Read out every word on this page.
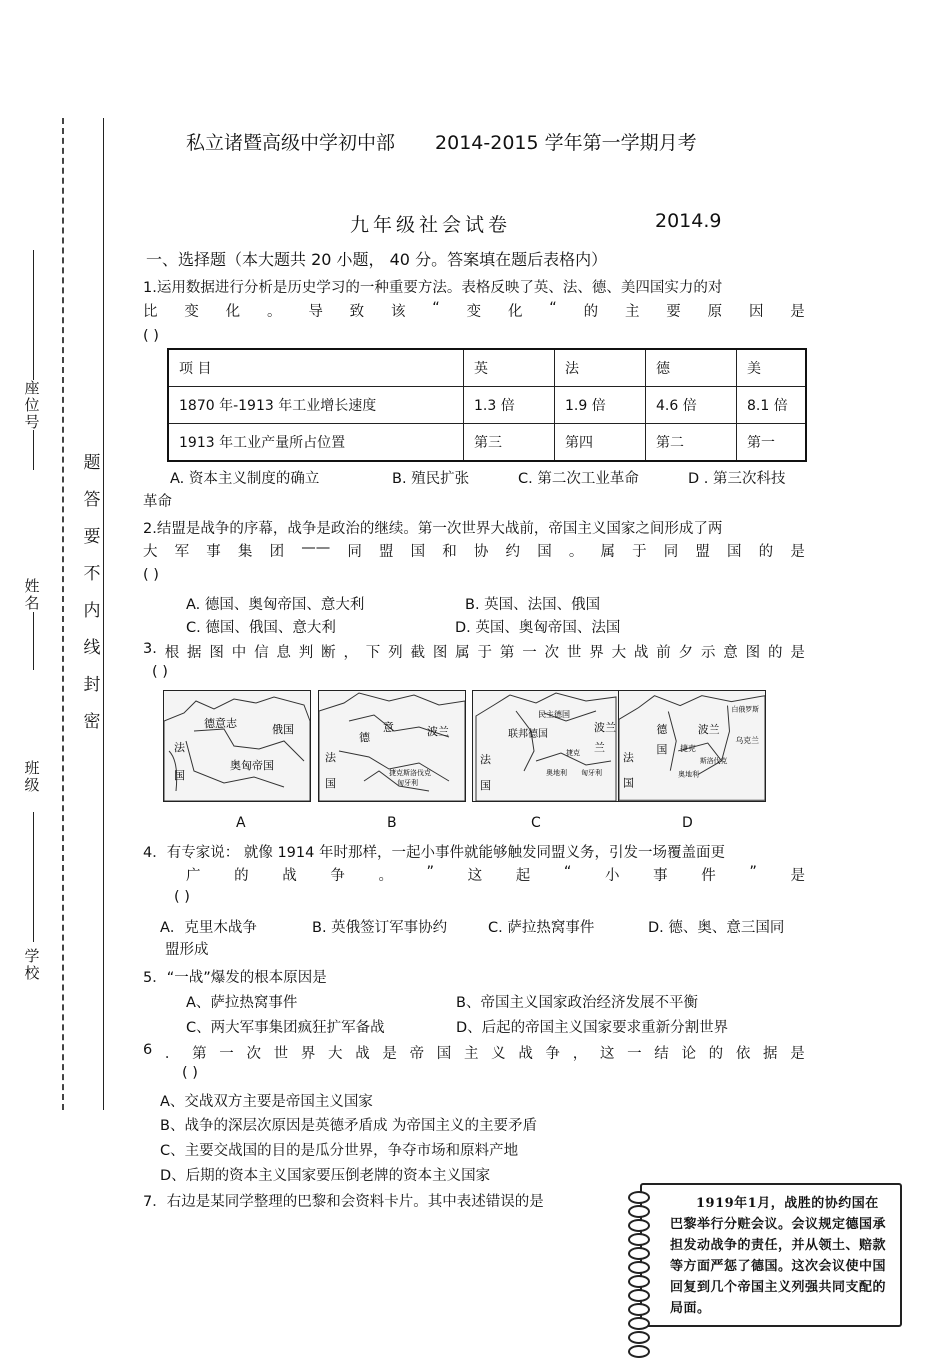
座位号
姓名
班级
学校
题
答
要
不
内
线
封
密
私立诸暨高级中学初中部 2014-2015 学年第一学期月考
九年级社会试卷	2014.9
一、选择题（本大题共 20 小题， 40 分。答案填在题后表格内）
1.运用数据进行分析是历史学习的一种重要方法。表格反映了英、法、德、美四国实力的对
比 变 化 。 导 致 该 “ 变 化 “ 的 主 要 原 因 是
( )
项 目	英	法	德	美
1870 年-1913 年工业增长速度	1.3 倍	1.9 倍	4.6 倍	8.1 倍
1913 年工业产量所占位置	第三	第四	第二	第一
A. 资本主义制度的确立	B. 殖民扩张	C. 第二次工业革命	D . 第三次科技
革命
2.结盟是战争的序幕，战争是政治的继续。第一次世界大战前，帝国主义国家之间形成了两
大 军 事 集 团 —— 同 盟 国 和 协 约 国 。 属 于 同 盟 国 的 是
( )
A. 德国、奥匈帝国、意大利	B. 英国、法国、俄国
C. 德国、俄国、意大利	D. 英国、奥匈帝国、法国
3. 根 据 图 中 信 息 判 断 ， 下 列 截 图 属 于 第 一 次 世 界 大 战 前 夕 示 意 图 的 是
( )
德意志	俄国
法
国
奥匈帝国
德
意	波兰
法
国
捷克斯洛伐克
匈牙利
民主德国
联邦德国
波兰
兰
法
国
捷克
奥地利 匈牙利
德
国
波兰
法
国
白俄罗斯
乌克兰
捷克
斯洛伐克
奥地利
A	B	C	D
4．有专家说： 就像 1914 年时那样，一起小事件就能够触发同盟义务，引发一场覆盖面更
广 的 战 争 。 ” 这 起 “ 小 事 件 ” 是
( )
A．克里木战争	B. 英俄签订军事协约	C. 萨拉热窝事件	D. 德、奥、意三国同
盟形成
5．“一战”爆发的根本原因是
A、萨拉热窝事件	B、帝国主义国家政治经济发展不平衡
C、两大军事集团疯狂扩军备战	D、后起的帝国主义国家要求重新分割世界
6 ． 第 一 次 世 界 大 战 是 帝 国 主 义 战 争 ， 这 一 结 论 的 依 据 是
( )
A、交战双方主要是帝国主义国家
B、战争的深层次原因是英德矛盾成 为帝国主义的主要矛盾
C、主要交战国的目的是瓜分世界，争夺市场和原料产地
D、后期的资本主义国家要压倒老牌的资本主义国家
7．右边是某同学整理的巴黎和会资料卡片。其中表述错误的是	1919年1月，战胜的协约国在巴黎举行分赃会议。会议规定德国承担发动战争的责任，并从领土、赔款等方面严惩了德国。这次会议使中国回复到几个帝国主义列强共同支配的局面。
